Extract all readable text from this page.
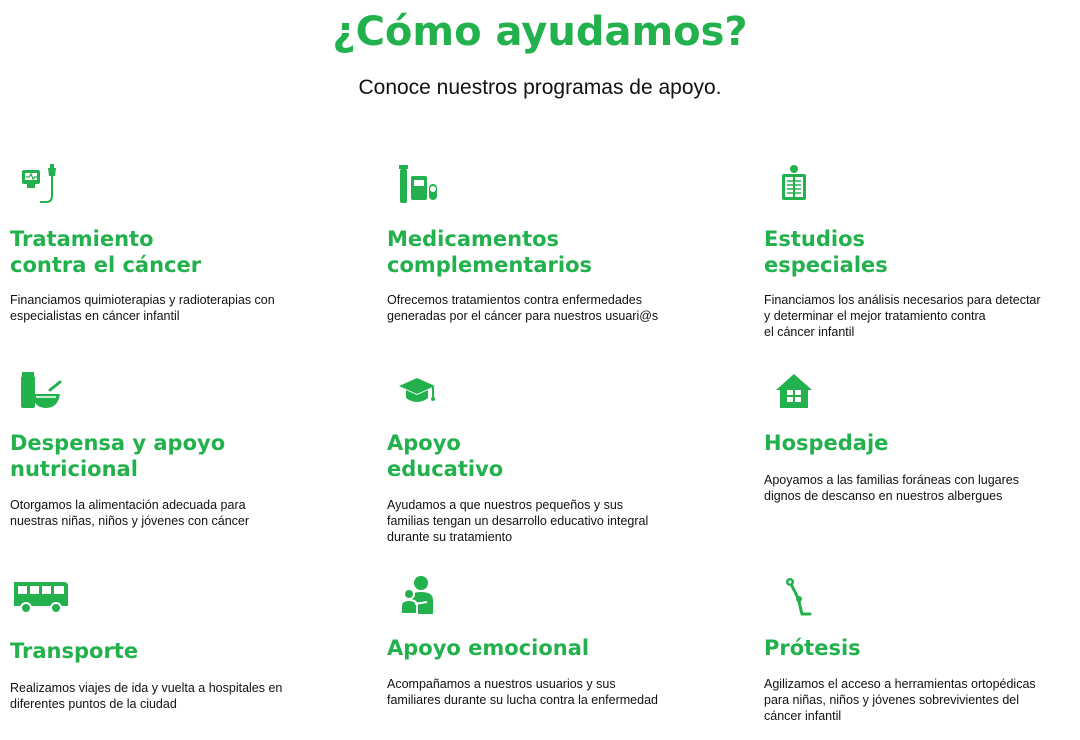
¿Cómo ayudamos?

Conoce nuestros programas de apoyo.

Tratamiento
contra el cáncer

Financiamos quimioterapias y radioterapias con
especialistas en cáncer infantil

Medicamentos
complementarios

Ofrecemos tratamientos contra enfermedades
generadas por el cáncer para nuestros usuari@s

Estudios
especiales

Financiamos los análisis necesarios para detectar
y determinar el mejor tratamiento contra
el cáncer infantil

Despensa y apoyo
nutricional

Otorgamos la alimentación adecuada para
nuestras niñas, niños y jóvenes con cáncer

Apoyo
educativo

Ayudamos a que nuestros pequeños y sus
familias tengan un desarrollo educativo integral
durante su tratamiento

Hospedaje

Apoyamos a las familias foráneas con lugares
dignos de descanso en nuestros albergues

Transporte

Realizamos viajes de ida y vuelta a hospitales en
diferentes puntos de la ciudad

Apoyo emocional

Acompañamos a nuestros usuarios y sus
familiares durante su lucha contra la enfermedad

Prótesis

Agilizamos el acceso a herramientas ortopédicas
para niñas, niños y jóvenes sobrevivientes del
cáncer infantil
